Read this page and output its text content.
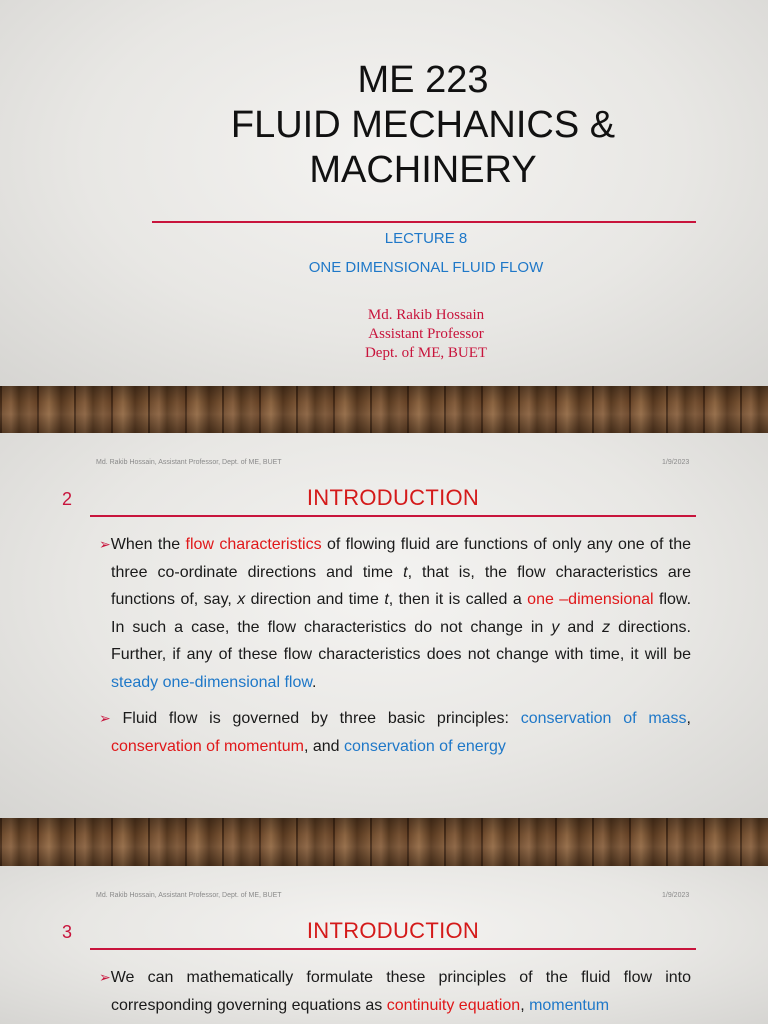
ME 223
FLUID MECHANICS &
MACHINERY
LECTURE 8
ONE DIMENSIONAL FLUID FLOW
Md. Rakib Hossain
Assistant Professor
Dept. of ME, BUET
Md. Rakib Hossain, Assistant Professor, Dept. of ME, BUET	1/9/2023
2	INTRODUCTION

➢When the flow characteristics of flowing fluid are functions of only any one of the three co-ordinate directions and time t, that is, the flow characteristics are functions of, say, x direction and time t, then it is called a one –dimensional flow. In such a case, the flow characteristics do not change in y and z directions. Further, if any of these flow characteristics does not change with time, it will be steady one-dimensional flow.

➢ Fluid flow is governed by three basic principles: conservation of mass, conservation of momentum, and conservation of energy

Md. Rakib Hossain, Assistant Professor, Dept. of ME, BUET	1/9/2023
3	INTRODUCTION

➢We can mathematically formulate these principles of the fluid flow into corresponding governing equations as continuity equation, momentum
